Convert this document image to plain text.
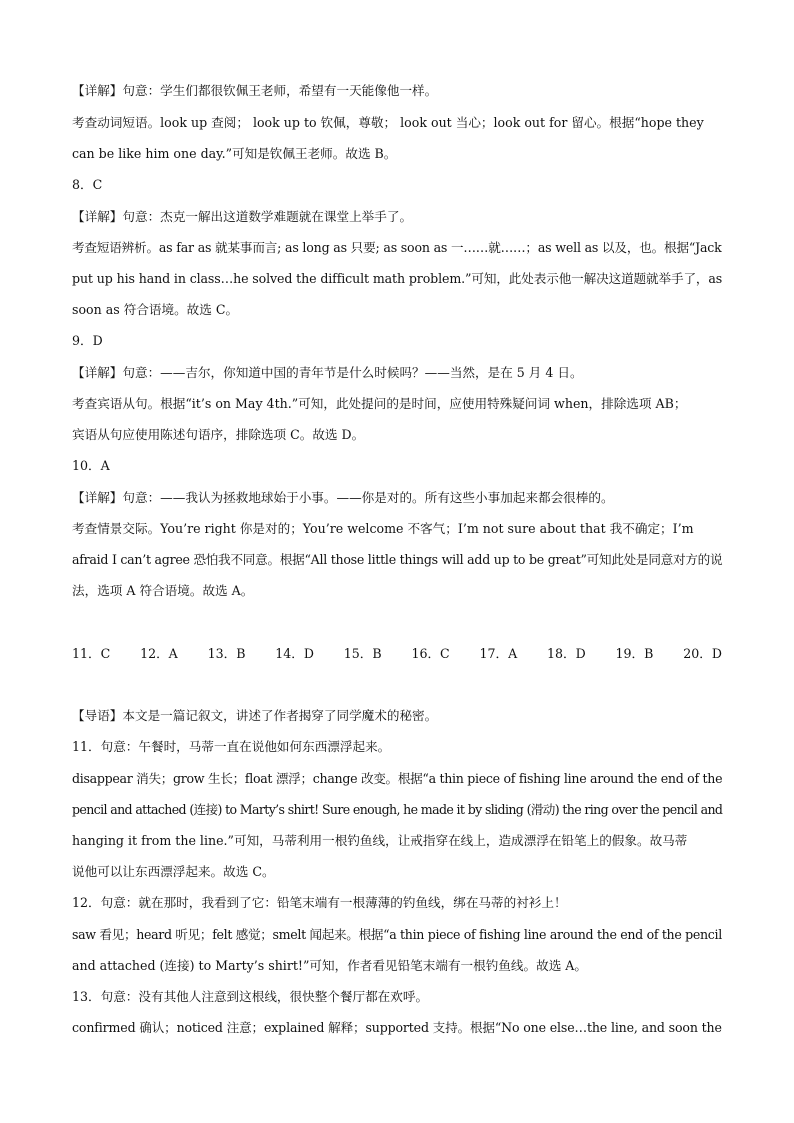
【详解】句意：学生们都很钦佩王老师，希望有一天能像他一样。
考查动词短语。look up 查阅； look up to 钦佩，尊敬； look out 当心；look out for 留心。根据“hope they
can be like him one day.”可知是钦佩王老师。故选 B。
8．C
【详解】句意：杰克一解出这道数学难题就在课堂上举手了。
考查短语辨析。as far as 就某事而言; as long as 只要; as soon as 一……就……；as well as 以及，也。根据“Jack
put up his hand in class…he solved the difficult math problem.”可知，此处表示他一解决这道题就举手了，as
soon as 符合语境。故选 C。
9．D
【详解】句意：——吉尔，你知道中国的青年节是什么时候吗？——当然，是在 5 月 4 日。
考查宾语从句。根据“it’s on May 4th.”可知，此处提问的是时间，应使用特殊疑问词 when，排除选项 AB；
宾语从句应使用陈述句语序，排除选项 C。故选 D。
10．A
【详解】句意：——我认为拯救地球始于小事。——你是对的。所有这些小事加起来都会很棒的。
考查情景交际。You’re right 你是对的；You’re welcome 不客气；I’m not sure about that 我不确定；I’m
afraid I can’t agree 恐怕我不同意。根据“All those little things will add up to be great”可知此处是同意对方的说
法，选项 A 符合语境。故选 A。
11．C 12．A 13．B 14．D 15．B 16．C 17．A 18．D 19．B 20．D
【导语】本文是一篇记叙文，讲述了作者揭穿了同学魔术的秘密。
11．句意：午餐时，马蒂一直在说他如何东西漂浮起来。
disappear 消失；grow 生长；float 漂浮；change 改变。根据“a thin piece of fishing line around the end of the
pencil and attached (连接) to Marty’s shirt! Sure enough, he made it by sliding (滑动) the ring over the pencil and
hanging it from the line.”可知，马蒂利用一根钓鱼线，让戒指穿在线上，造成漂浮在铅笔上的假象。故马蒂
说他可以让东西漂浮起来。故选 C。
12．句意：就在那时，我看到了它：铅笔末端有一根薄薄的钓鱼线，绑在马蒂的衬衫上！
saw 看见；heard 听见；felt 感觉；smelt 闻起来。根据“a thin piece of fishing line around the end of the pencil
and attached (连接) to Marty’s shirt!”可知，作者看见铅笔末端有一根钓鱼线。故选 A。
13．句意：没有其他人注意到这根线，很快整个餐厅都在欢呼。
confirmed 确认；noticed 注意；explained 解释；supported 支持。根据“No one else…the line, and soon the
